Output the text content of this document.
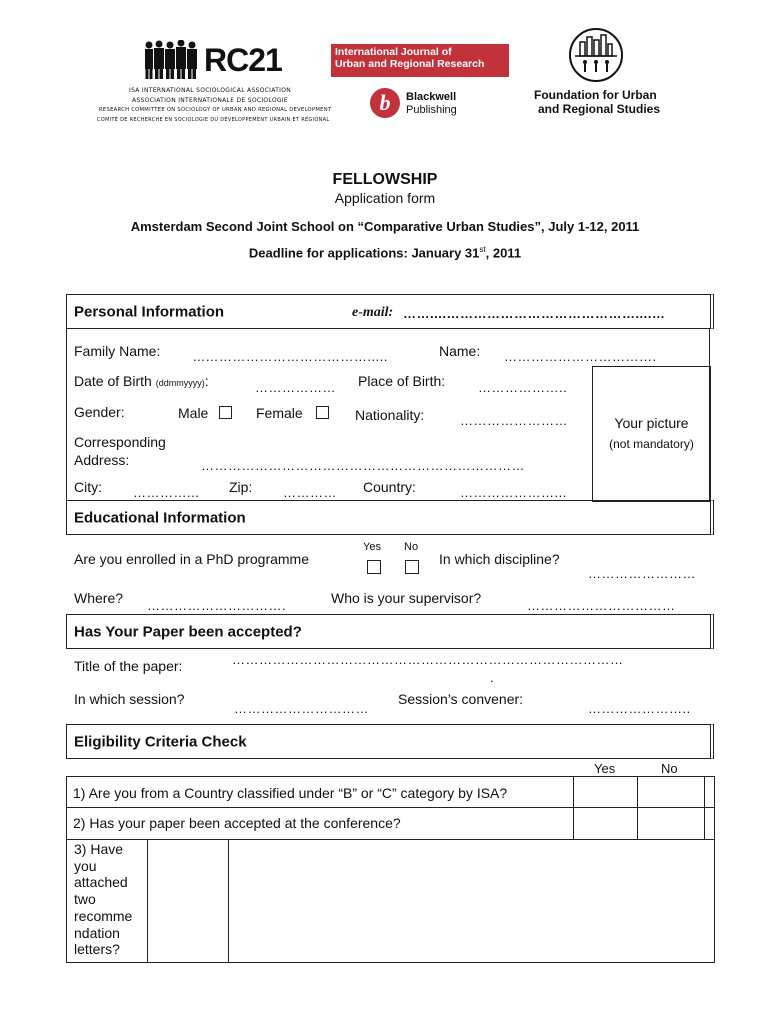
RC21
ISA INTERNATIONAL SOCIOLOGICAL ASSOCIATION
ASSOCIATION INTERNATIONALE DE SOCIOLOGIE
RESEARCH COMMITTEE ON SOCIOLOGY OF URBAN AND REGIONAL DEVELOPMENT
COMITÉ DE RECHERCHE EN SOCIOLOGIE DU DÉVELOPPEMENT URBAIN ET RÉGIONAL
International Journal of
Urban and Regional Research
b	Blackwell
Publishing
Foundation for Urban
and Regional Studies
FELLOWSHIP
Application form
Amsterdam Second Joint School on “Comparative Urban Studies”, July 1-12, 2011
Deadline for applications: January 31st, 2011
Personal Information	e-mail: ……....……………………………………....…
Family Name:	...……………………………….....	Name: …………………………….
Date of Birth (ddmmyyyy):	……………… Place of Birth:	………………..
Your picture
(not mandatory)
Gender:	Male	Female	Nationality:	……………………
Corresponding
Address:	………………………………………………………………
City: …………... Zip: ………… Country:	…………………...
Educational Information
Yes No
Are you enrolled in a PhD programme	In which discipline?
……………………
Where? ………………………….	Who is your supervisor?	……………………………
Has Your Paper been accepted?
Title of the paper:	……………………………………………………………………………
.
In which session?
…………………………
Session’s convener:
…………………..
Eligibility Criteria Check
Yes	No
1) Are you from a Country classified under “B” or “C” category by ISA?
2) Has your paper been accepted at the conference?
3) Have
you
attached
two
recomme
ndation
letters?
